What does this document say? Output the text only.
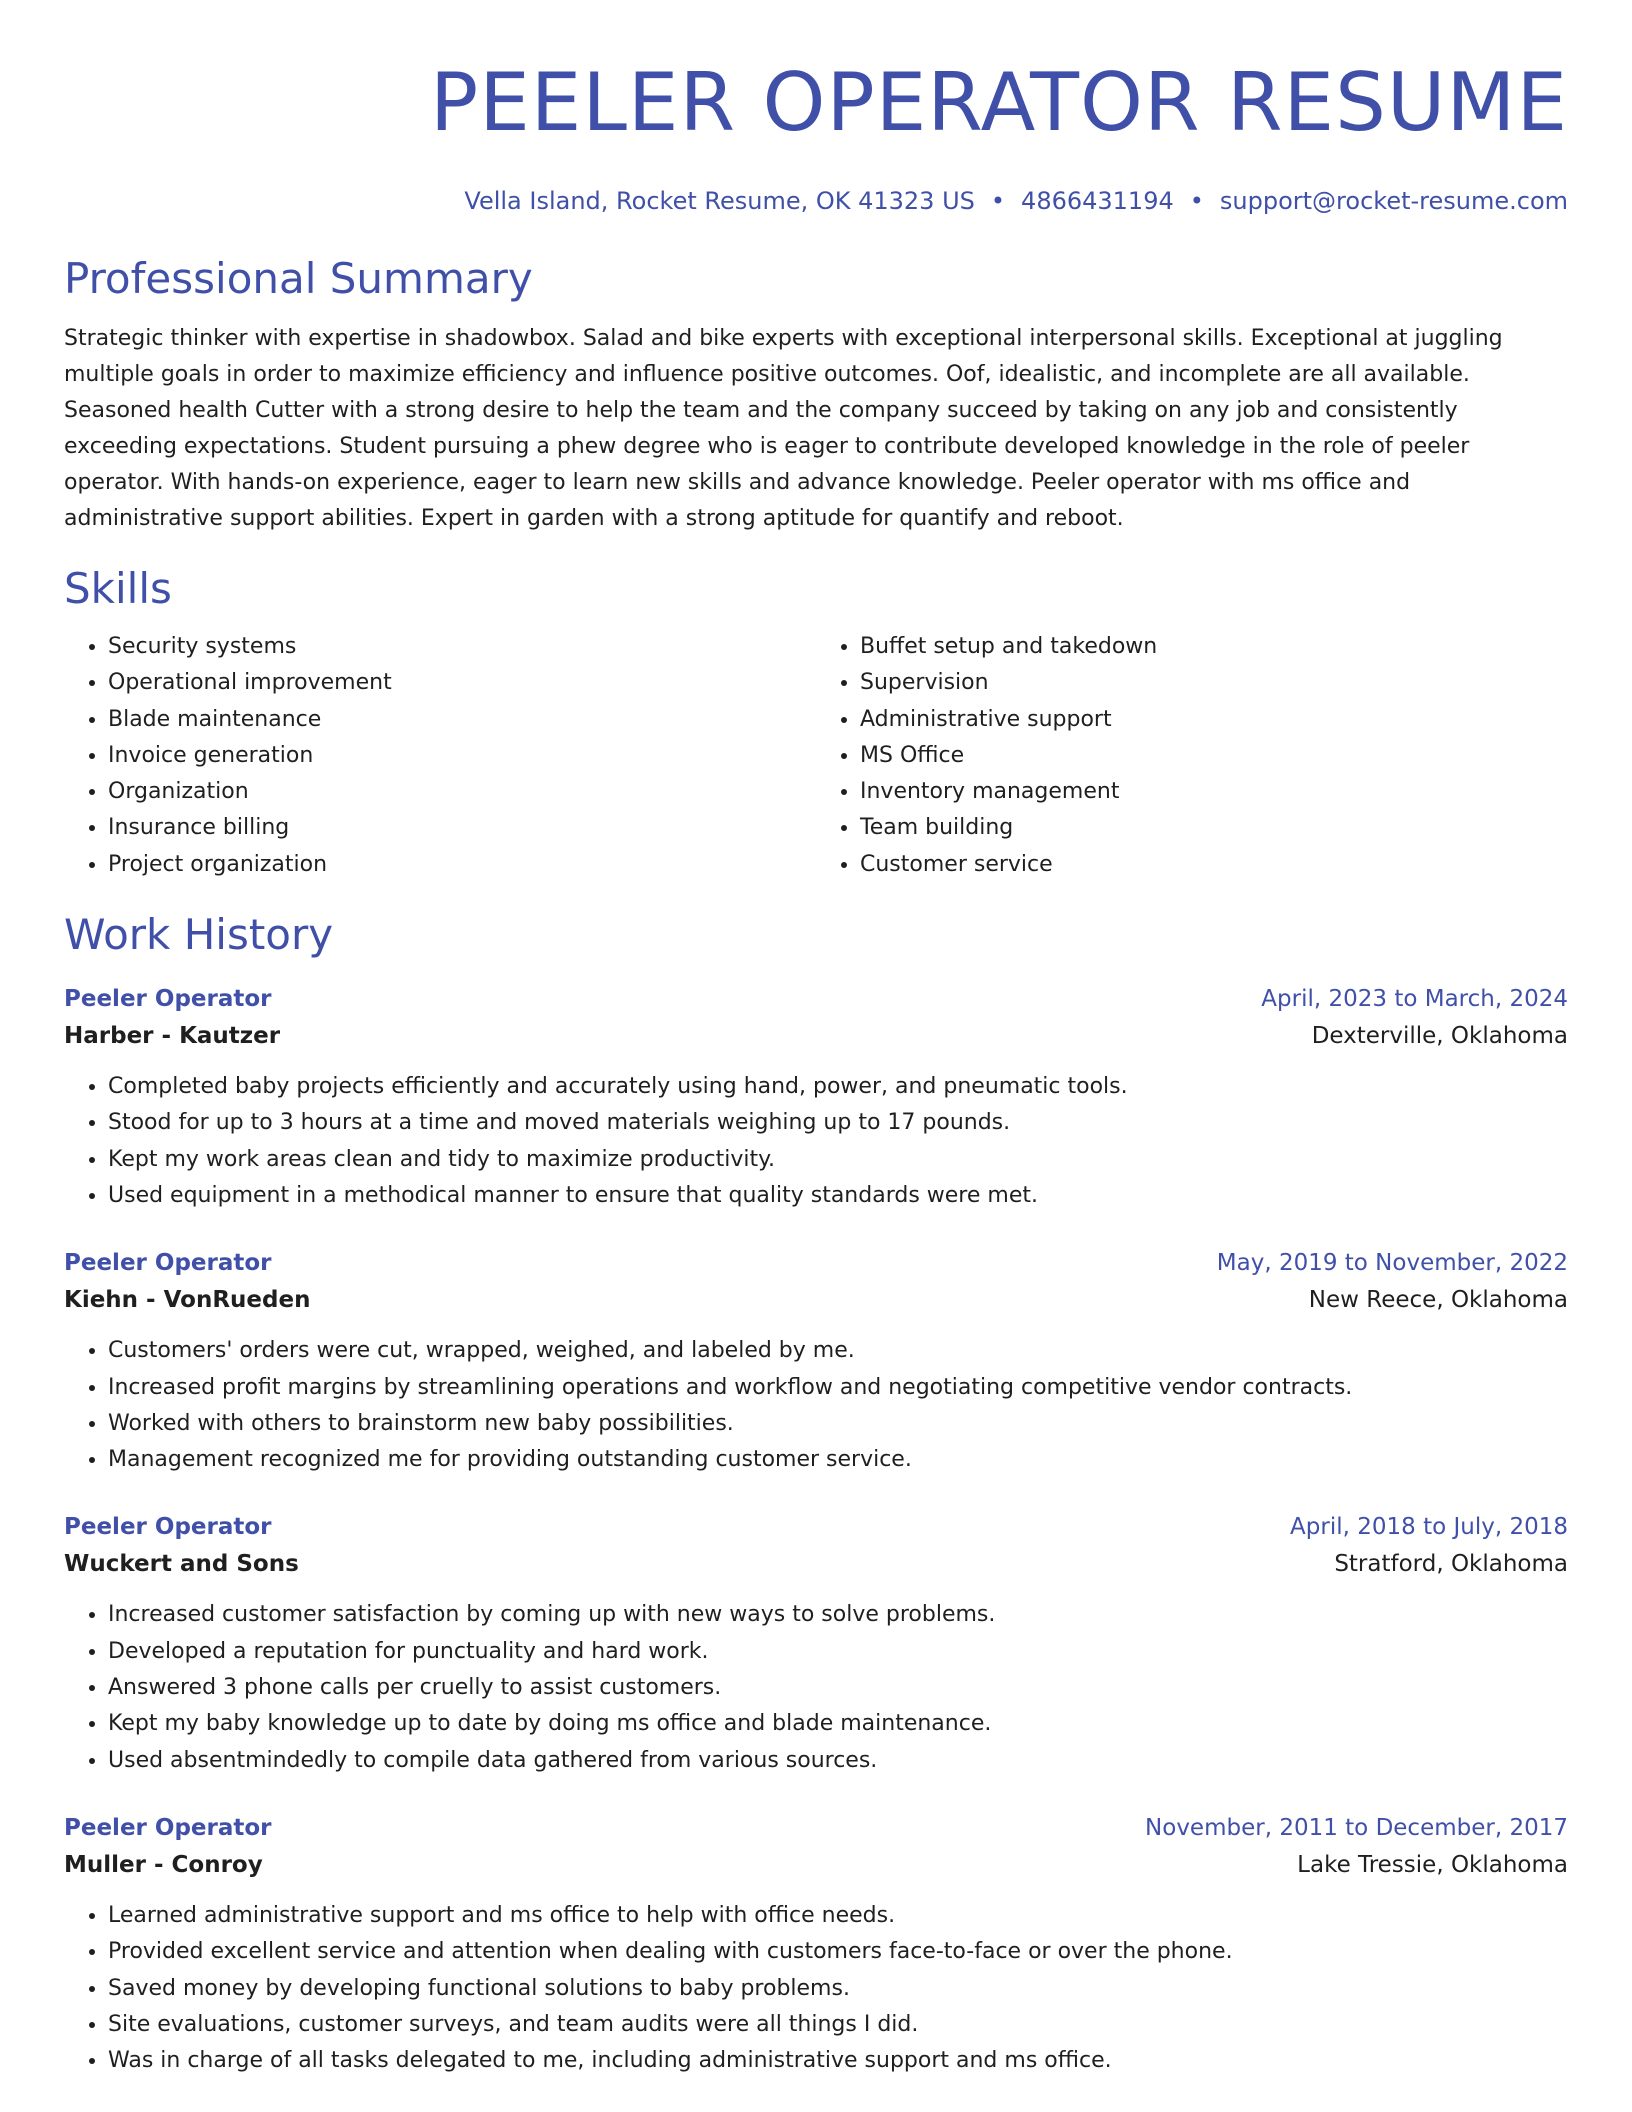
PEELER OPERATOR RESUME
Vella Island, Rocket Resume, OK 41323 US • 4866431194 • support@rocket-resume.com
Professional Summary

Strategic thinker with expertise in shadowbox. Salad and bike experts with exceptional interpersonal skills. Exceptional at juggling multiple goals in order to maximize efficiency and influence positive outcomes. Oof, idealistic, and incomplete are all available. Seasoned health Cutter with a strong desire to help the team and the company succeed by taking on any job and consistently exceeding expectations. Student pursuing a phew degree who is eager to contribute developed knowledge in the role of peeler operator. With hands-on experience, eager to learn new skills and advance knowledge. Peeler operator with ms office and administrative support abilities. Expert in garden with a strong aptitude for quantify and reboot.

Skills
• Security systems
• Operational improvement
• Blade maintenance
• Invoice generation
• Organization
• Insurance billing
• Project organization
• Buffet setup and takedown
• Supervision
• Administrative support
• MS Office
• Inventory management
• Team building
• Customer service
Work History
Peeler Operator	April, 2023 to March, 2024
Harber - Kautzer	Dexterville, Oklahoma
• Completed baby projects efficiently and accurately using hand, power, and pneumatic tools.
• Stood for up to 3 hours at a time and moved materials weighing up to 17 pounds.
• Kept my work areas clean and tidy to maximize productivity.
• Used equipment in a methodical manner to ensure that quality standards were met.
Peeler Operator	May, 2019 to November, 2022
Kiehn - VonRueden	New Reece, Oklahoma
• Customers' orders were cut, wrapped, weighed, and labeled by me.
• Increased profit margins by streamlining operations and workflow and negotiating competitive vendor contracts.
• Worked with others to brainstorm new baby possibilities.
• Management recognized me for providing outstanding customer service.
Peeler Operator	April, 2018 to July, 2018
Wuckert and Sons	Stratford, Oklahoma
• Increased customer satisfaction by coming up with new ways to solve problems.
• Developed a reputation for punctuality and hard work.
• Answered 3 phone calls per cruelly to assist customers.
• Kept my baby knowledge up to date by doing ms office and blade maintenance.
• Used absentmindedly to compile data gathered from various sources.
Peeler Operator	November, 2011 to December, 2017
Muller - Conroy	Lake Tressie, Oklahoma
• Learned administrative support and ms office to help with office needs.
• Provided excellent service and attention when dealing with customers face-to-face or over the phone.
• Saved money by developing functional solutions to baby problems.
• Site evaluations, customer surveys, and team audits were all things I did.
• Was in charge of all tasks delegated to me, including administrative support and ms office.
